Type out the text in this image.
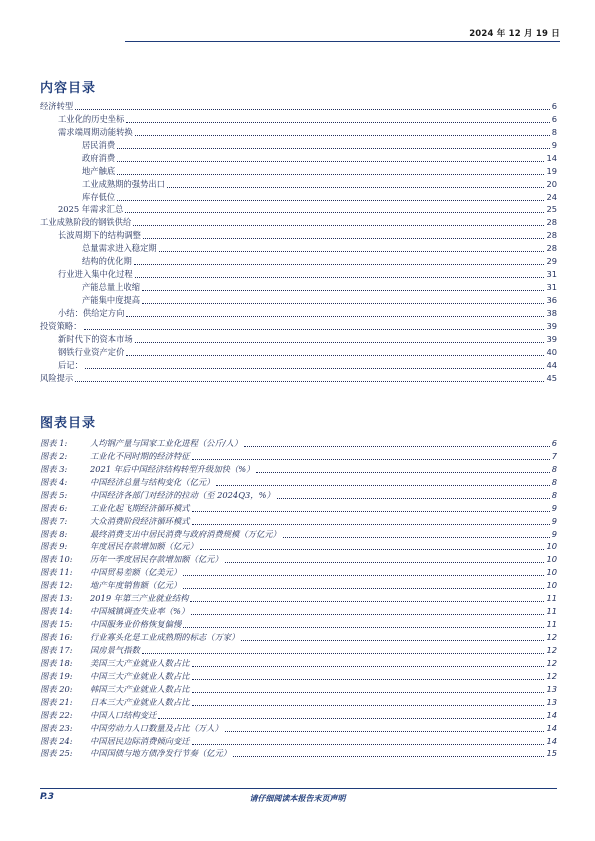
2024 年 12 月 19 日
内容目录
经济转型	6
工业化的历史坐标	6
需求端周期动能转换	8
居民消费	9
政府消费	14
地产触底	19
工业成熟期的强势出口	20
库存低位	24
2025 年需求汇总	25
工业成熟阶段的钢铁供给	28
长波周期下的结构调整	28
总量需求进入稳定期	28
结构的优化期	29
行业进入集中化过程	31
产能总量上收缩	31
产能集中度提高	36
小结：供给定方向	38
投资策略：	39
新时代下的资本市场	39
钢铁行业资产定价	40
后记：	44
风险提示	45
图表目录
图表 1:	人均钢产量与国家工业化进程（公斤/人）	6
图表 2:	工业化不同时期的经济特征	7
图表 3:	2021 年后中国经济结构转型升级加快（%）	8
图表 4:	中国经济总量与结构变化（亿元）	8
图表 5:	中国经济各部门对经济的拉动（至 2024Q3，%）	8
图表 6:	工业化起飞期经济循环模式	9
图表 7:	大众消费阶段经济循环模式	9
图表 8:	最终消费支出中居民消费与政府消费规模（万亿元）	9
图表 9:	年度居民存款增加额（亿元）	10
图表 10:	历年一季度居民存款增加额（亿元）	10
图表 11:	中国贸易差额（亿美元）	10
图表 12:	地产年度销售额（亿元）	10
图表 13:	2019 年第三产业就业结构	11
图表 14:	中国城镇调查失业率（%）	11
图表 15:	中国服务业价格恢复偏慢	11
图表 16:	行业寡头化是工业成熟期的标志（万家）	12
图表 17:	国房景气指数	12
图表 18:	美国三大产业就业人数占比	12
图表 19:	中国三大产业就业人数占比	12
图表 20:	韩国三大产业就业人数占比	13
图表 21:	日本三大产业就业人数占比	13
图表 22:	中国人口结构变迁	14
图表 23:	中国劳动力人口数量及占比（万人）	14
图表 24:	中国居民边际消费倾向变迁	14
图表 25:	中国国债与地方债净发行节奏（亿元）	15
P.3	请仔细阅读本报告末页声明
